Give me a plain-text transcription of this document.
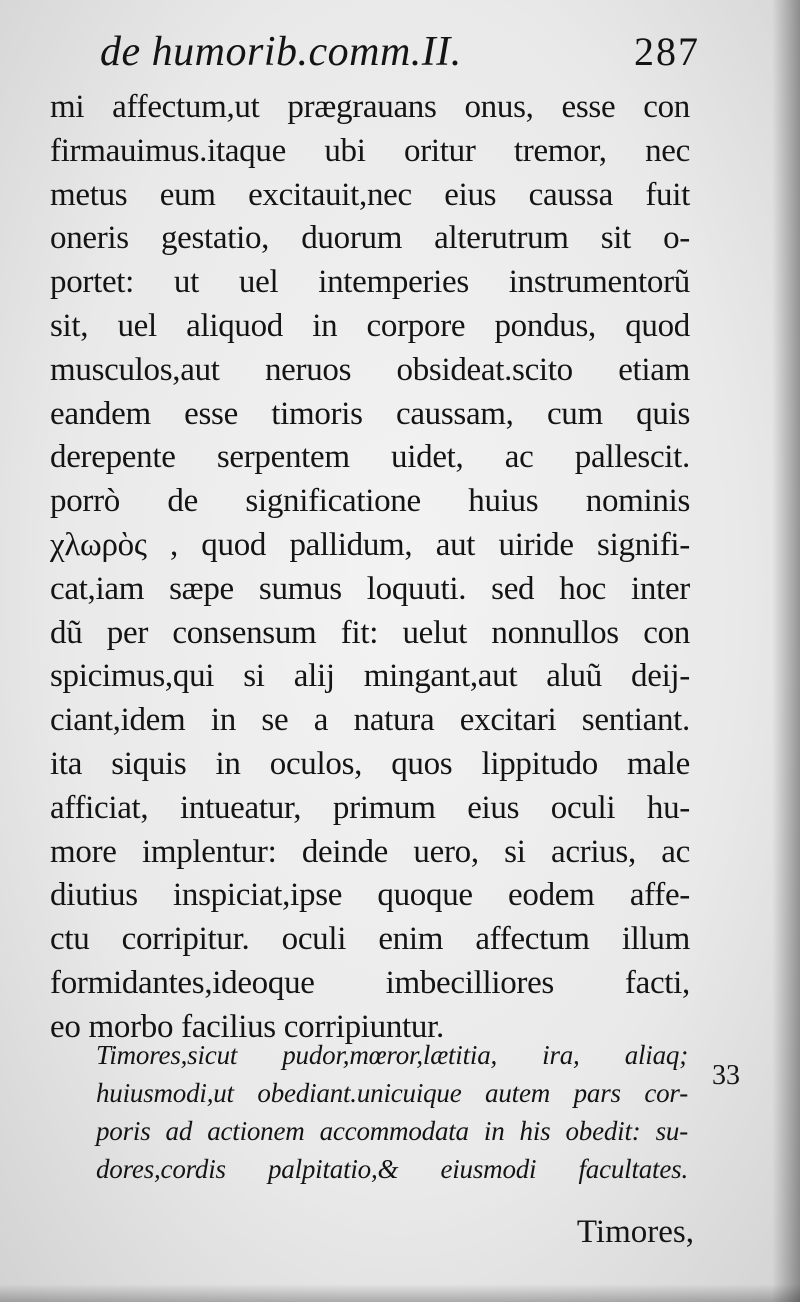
de humorib.comm.II.	287
mi affectum,ut prægrauans onus, esse con
firmauimus.itaque ubi oritur tremor, nec
metus eum excitauit,nec eius caussa fuit
oneris gestatio, duorum alterutrum sit o-
portet: ut uel intemperies instrumentorũ
sit, uel aliquod in corpore pondus, quod
musculos,aut neruos obsideat.scito etiam
eandem esse timoris caussam, cum quis
derepente serpentem uidet, ac pallescit.
porrò de significatione huius nominis
χλωρὸς , quod pallidum, aut uiride signifi-
cat,iam sæpe sumus loquuti. sed hoc inter
dũ per consensum fit: uelut nonnullos con
spicimus,qui si alij mingant,aut aluũ deij-
ciant,idem in se a natura excitari sentiant.
ita siquis in oculos, quos lippitudo male
afficiat, intueatur, primum eius oculi hu-
more implentur: deinde uero, si acrius, ac
diutius inspiciat,ipse quoque eodem affe-
ctu corripitur. oculi enim affectum illum
formidantes,ideoque imbecilliores facti,
eo morbo facilius corripiuntur.
Timores,sicut pudor,mœror,lætitia, ira, aliaq;
huiusmodi,ut obediant.unicuique autem pars cor-
poris ad actionem accommodata in his obedit: su-
dores,cordis palpitatio,& eiusmodi facultates.
33
Timores,
